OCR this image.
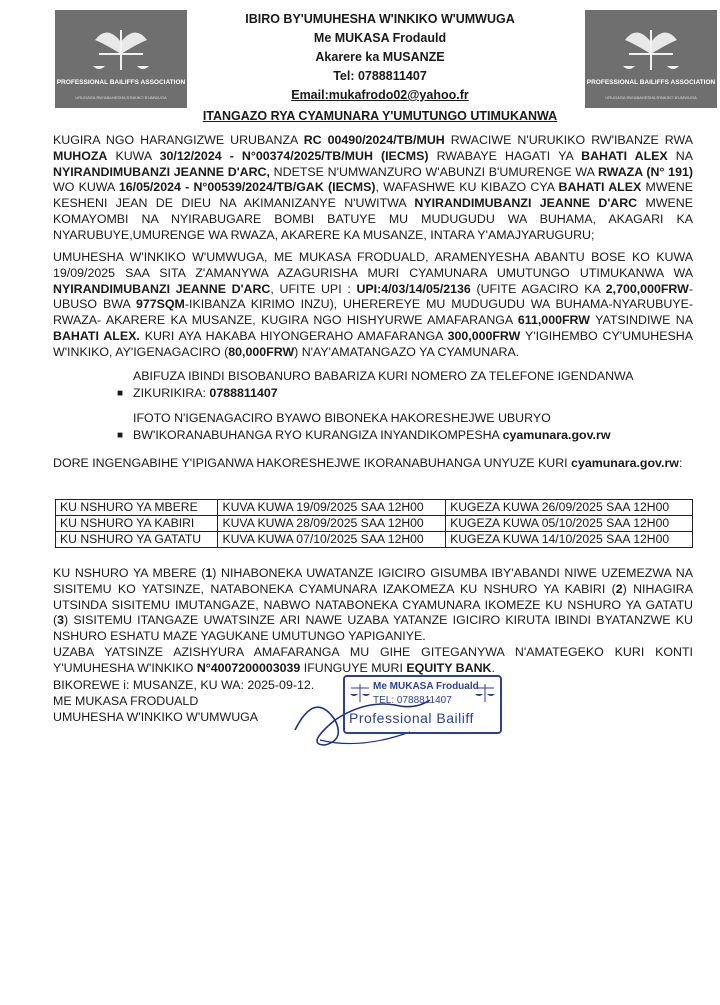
PROFESSIONAL BAILIFFS ASSOCIATION
URUGAGA RW'ABAHESHA B'INKIKO B'UMWUGA
PROFESSIONAL BAILIFFS ASSOCIATION
URUGAGA RW'ABAHESHA B'INKIKO B'UMWUGA
IBIRO BY'UMUHESHA W'INKIKO W'UMWUGA
Me MUKASA Frodauld
Akarere ka MUSANZE
Tel: 0788811407
Email:mukafrodo02@yahoo.fr
ITANGAZO RYA CYAMUNARA Y'UMUTUNGO UTIMUKANWA
KUGIRA NGO HARANGIZWE URUBANZA RC 00490/2024/TB/MUH RWACIWE N'URUKIKO RW'IBANZE RWA MUHOZA KUWA 30/12/2024 - N°00374/2025/TB/MUH (IECMS) RWABAYE HAGATI YA BAHATI ALEX NA NYIRANDIMUBANZI JEANNE D'ARC, NDETSE N'UMWANZURO W'ABUNZI B'UMURENGE WA RWAZA (N° 191) WO KUWA 16/05/2024 - N°00539/2024/TB/GAK (IECMS), WAFASHWE KU KIBAZO CYA BAHATI ALEX MWENE KESHENI JEAN DE DIEU NA AKIMANIZANYE N'UWITWA NYIRANDIMUBANZI JEANNE D'ARC MWENE KOMAYOMBI NA NYIRABUGARE BOMBI BATUYE MU MUDUGUDU WA BUHAMA, AKAGARI KA NYARUBUYE,UMURENGE WA RWAZA, AKARERE KA MUSANZE, INTARA Y'AMAJYARUGURU;
UMUHESHA W'INKIKO W'UMWUGA, ME MUKASA FRODUALD, ARAMENYESHA ABANTU BOSE KO KUWA 19/09/2025 SAA SITA Z'AMANYWA AZAGURISHA MURI CYAMUNARA UMUTUNGO UTIMUKANWA WA NYIRANDIMUBANZI JEANNE D'ARC, UFITE UPI : UPI:4/03/14/05/2136 (UFITE AGACIRO KA 2,700,000FRW-UBUSO BWA 977SQM-IKIBANZA KIRIMO INZU), UHEREREYE MU MUDUGUDU WA BUHAMA-NYARUBUYE-RWAZA- AKARERE KA MUSANZE, KUGIRA NGO HISHYURWE AMAFARANGA 611,000FRW YATSINDIWE NA BAHATI ALEX. KURI AYA HAKABA HIYONGERAHO AMAFARANGA 300,000FRW Y'IGIHEMBO CY'UMUHESHA W'INKIKO, AY'IGENAGACIRO (80,000FRW) N'AY'AMATANGAZO YA CYAMUNARA.
ABIFUZA IBINDI BISOBANURO BABARIZA KURI NOMERO ZA TELEFONE IGENDANWA
■ ZIKURIKIRA: 0788811407
IFOTO N'IGENAGACIRO BYAWO BIBONEKA HAKORESHEJWE UBURYO
■ BW'IKORANABUHANGA RYO KURANGIZA INYANDIKOMPESHA cyamunara.gov.rw
DORE INGENGABIHE Y'IPIGANWA HAKORESHEJWE IKORANABUHANGA UNYUZE KURI cyamunara.gov.rw:
KU NSHURO YA MBERE	KUVA KUWA 19/09/2025 SAA 12H00	KUGEZA KUWA 26/09/2025 SAA 12H00
KU NSHURO YA KABIRI	KUVA KUWA 28/09/2025 SAA 12H00	KUGEZA KUWA 05/10/2025 SAA 12H00
KU NSHURO YA GATATU	KUVA KUWA 07/10/2025 SAA 12H00	KUGEZA KUWA 14/10/2025 SAA 12H00
KU NSHURO YA MBERE (1) NIHABONEKA UWATANZE IGICIRO GISUMBA IBY'ABANDI NIWE UZEMEZWA NA SISITEMU KO YATSINZE, NATABONEKA CYAMUNARA IZAKOMEZA KU NSHURO YA KABIRI (2) NIHAGIRA UTSINDA SISITEMU IMUTANGAZE, NABWO NATABONEKA CYAMUNARA IKOMEZE KU NSHURO YA GATATU (3) SISITEMU ITANGAZE UWATSINZE ARI NAWE UZABA YATANZE IGICIRO KIRUTA IBINDI BYATANZWE KU NSHURO ESHATU MAZE YAGUKANE UMUTUNGO YAPIGANIYE.
UZABA YATSINZE AZISHYURA AMAFARANGA MU GIHE GITEGANYWA N'AMATEGEKO KURI KONTI Y'UMUHESHA W'INKIKO N°4007200003039 IFUNGUYE MURI EQUITY BANK.
BIKOREWE i: MUSANZE, KU WA: 2025-09-12.
ME MUKASA FRODUALD
UMUHESHA W'INKIKO W'UMWUGA
Me MUKASA Froduald
TEL: 0788811407
Professional Bailiff
